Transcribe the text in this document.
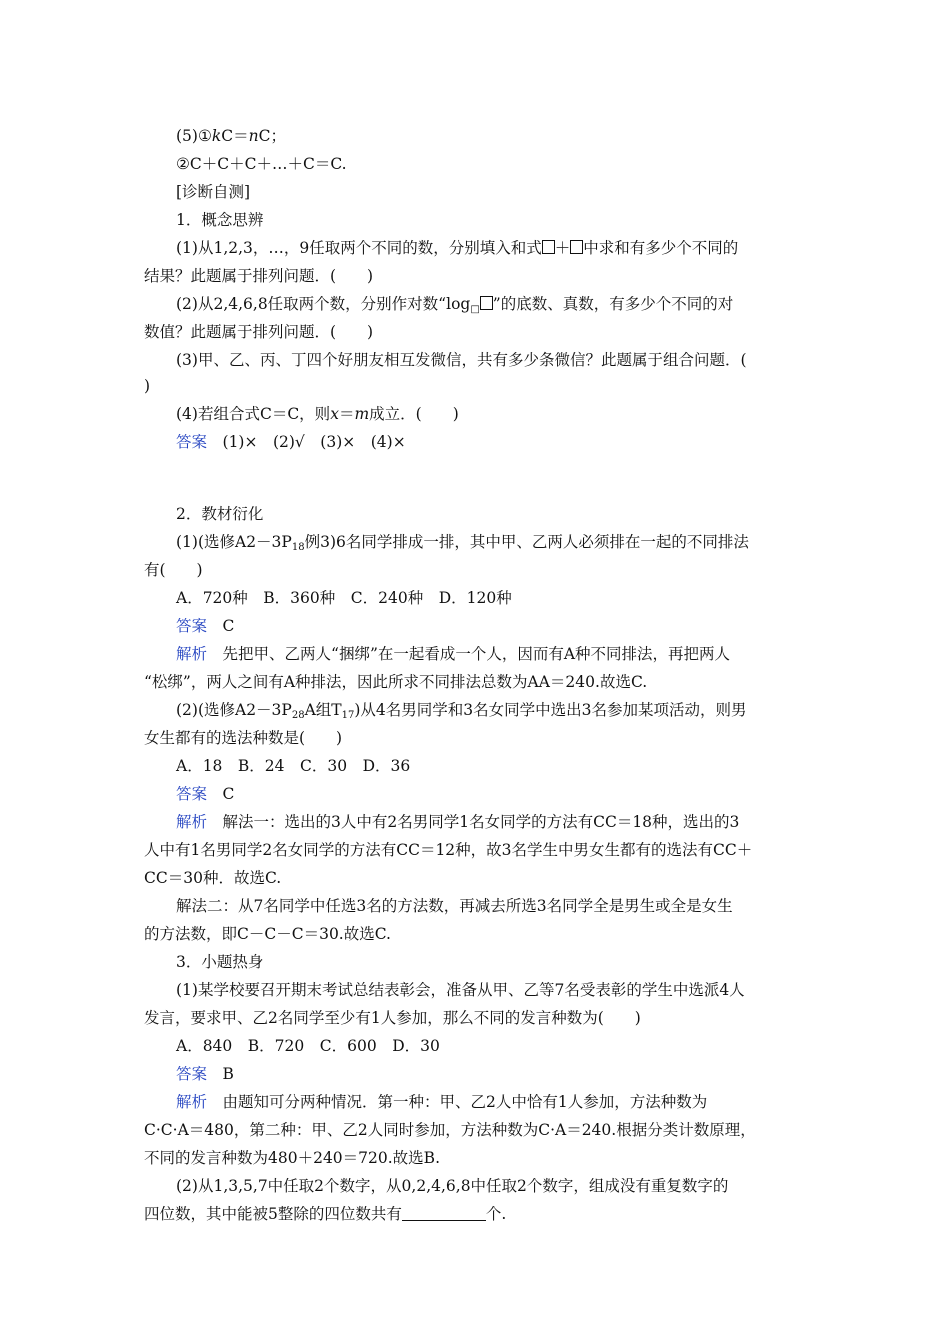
(5)①kC＝nC；
②C＋C＋C＋…＋C＝C.
[诊断自测]
1．概念思辨
(1)从1,2,3，…，9任取两个不同的数，分别填入和式 ＋ 中求和有多少个不同的
结果？此题属于排列问题．(　　)
(2)从2,4,6,8任取两个数，分别作对数“$\log_□$ ”的底数、真数，有多少个不同的对
数值？此题属于排列问题．(　　)
(3)甲、乙、丙、丁四个好朋友相互发微信，共有多少条微信？此题属于组合问题．(
)
(4)若组合式C＝C，则x＝m成立．(　　)
答案　(1)×　(2)√　(3)×　(4)×
2．教材衍化
(1)(选修$A2-3P_{18}$例3)6名同学排成一排，其中甲、乙两人必须排在一起的不同排法
有(　　)
A．720种　B．360种　C．240种　D．120种
答案　C
解析　先把甲、乙两人“捆绑”在一起看成一个人，因而有A种不同排法，再把两人
“松绑”，两人之间有A种排法，因此所求不同排法总数为AA＝240.故选C.
(2)(选修$A2-3P_{28}A$组$T_{17}$)从4名男同学和3名女同学中选出3名参加某项活动，则男
女生都有的选法种数是(　　)
A．18　B．24　C．30　D．36
答案　C
解析　解法一：选出的3人中有2名男同学1名女同学的方法有CC＝18种，选出的3
人中有1名男同学2名女同学的方法有CC＝12种，故3名学生中男女生都有的选法有CC＋
CC＝30种．故选C.
解法二：从7名同学中任选3名的方法数，再减去所选3名同学全是男生或全是女生
的方法数，即C－C－C＝30.故选C.
3．小题热身
(1)某学校要召开期末考试总结表彰会，准备从甲、乙等7名受表彰的学生中选派4人
发言，要求甲、乙2名同学至少有1人参加，那么不同的发言种数为(　　)
A．840　B．720　C．600　D．30
答案　B
解析　由题知可分两种情况．第一种：甲、乙2人中恰有1人参加，方法种数为
C·C·A＝480，第二种：甲、乙2人同时参加，方法种数为C·A＝240.根据分类计数原理，
不同的发言种数为480＋240＝720.故选B.
(2)从1,3,5,7中任取2个数字，从0,2,4,6,8中任取2个数字，组成没有重复数字的
四位数，其中能被5整除的四位数共有	个.
